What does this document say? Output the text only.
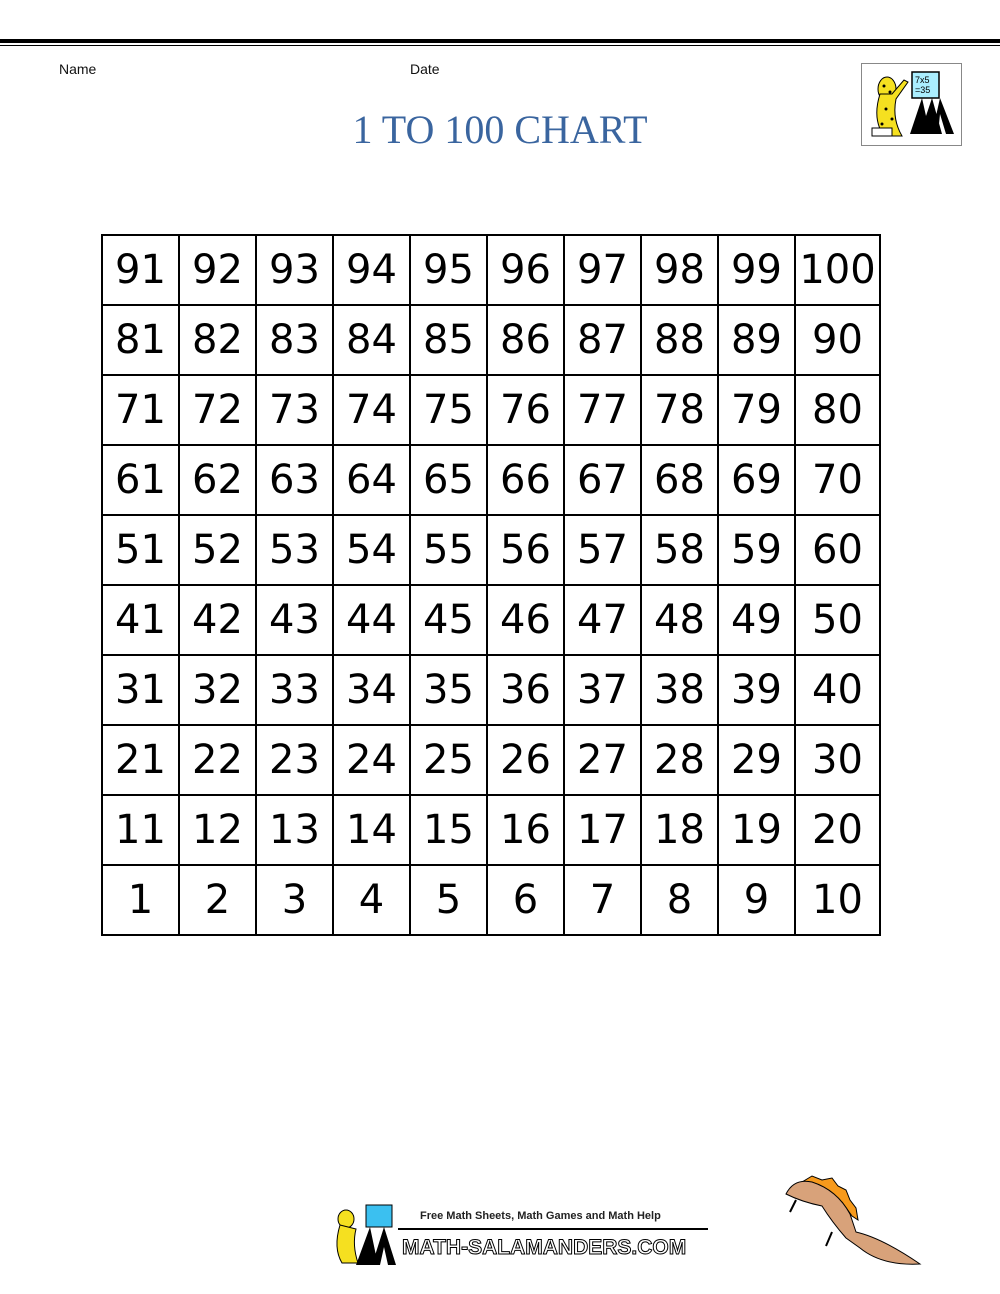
Name	Date
1 TO 100 CHART
7x5
=35
91	92	93	94	95	96	97	98	99	100
81	82	83	84	85	86	87	88	89	90
71	72	73	74	75	76	77	78	79	80
61	62	63	64	65	66	67	68	69	70
51	52	53	54	55	56	57	58	59	60
41	42	43	44	45	46	47	48	49	50
31	32	33	34	35	36	37	38	39	40
21	22	23	24	25	26	27	28	29	30
11	12	13	14	15	16	17	18	19	20
1	2	3	4	5	6	7	8	9	10
Free Math Sheets, Math Games and Math Help
MATH-SALAMANDERS.COM
